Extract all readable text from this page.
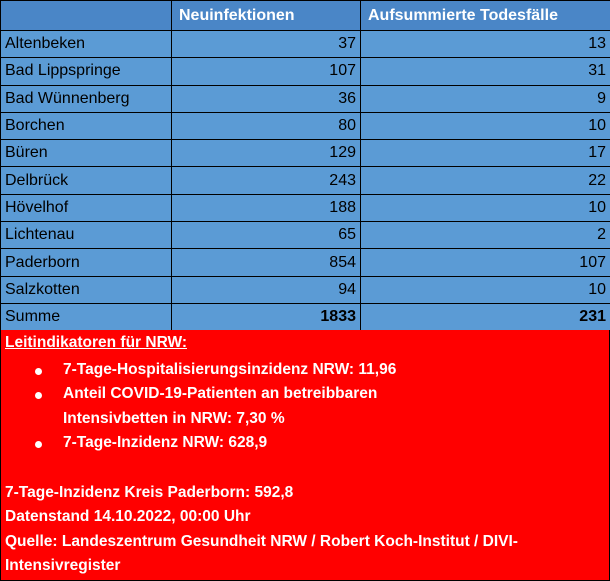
	Neuinfektionen	Aufsummierte Todesfälle
Altenbeken	37	13
Bad Lippspringe	107	31
Bad Wünnenberg	36	9
Borchen	80	10
Büren	129	17
Delbrück	243	22
Hövelhof	188	10
Lichtenau	65	2
Paderborn	854	107
Salzkotten	94	10
Summe	1833	231
Leitindikatoren für NRW:
7-Tage-Hospitalisierungsinzidenz NRW: 11,96
Anteil COVID-19-Patienten an betreibbaren Intensivbetten in NRW: 7,30 %
7-Tage-Inzidenz NRW: 628,9
7-Tage-Inzidenz Kreis Paderborn: 592,8
Datenstand 14.10.2022, 00:00 Uhr
Quelle: Landeszentrum Gesundheit NRW / Robert Koch-Institut / DIVI-Intensivregister
